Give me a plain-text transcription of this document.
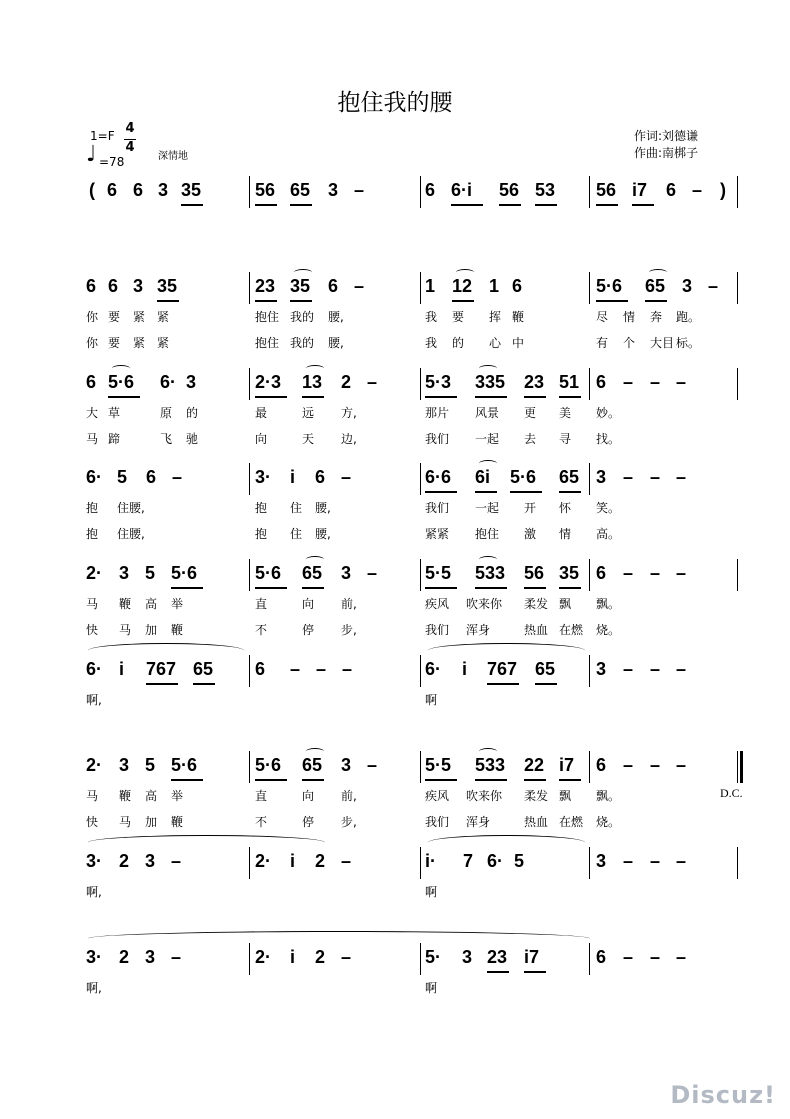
抱住我的腰
作词:刘德谦
作曲:南梆子
1=F 4
4
♩ =78	深情地
( 6 6 3 35	56 65 3 –	6 6·i 56 53 56 i7 6 – )
6 6 3 35	23 35 6 –	1 12 1 6	5·6 65 3 –
你 要 紧 紧	抱住 我的 腰,	我 要 挥 鞭	尽 情 奔 跑。
你 要 紧 紧	抱住 我的 腰,	我 的 心 中	有 个 大目 标。
6 5·6 6· 3	2·3 13 2 –	5·3 335 23 51 6 – – –
大 草	原 的	最	远 方,	那片 风景 更 美 妙。
马 蹄	飞 驰	向	天 边,	我们 一起 去 寻 找。
6· 5 6 –	3· i 6 –	6·6 6i 5·6 65 3 – – –
抱 住腰,	抱 住 腰,	我们 一起 开 怀 笑。
抱 住腰,	抱 住 腰,	紧紧 抱住 激 情 高。
2· 3 5 5·6	5·6 65 3 –	5·5 533 56 35 6 – – –
马 鞭 高 举	直	向 前,	疾风 吹来你 柔发 飘 飘。
快 马 加 鞭	不	停 步,	我们 浑身	热血 在燃 烧。
6· i 767 65 6 – – –	6· i 767 65 3 – – –
啊,	啊
2· 3 5 5·6	5·6 65 3 –	5·5 533 22 i7 6 – – –
马 鞭 高 举	直	向 前,	疾风 吹来你 柔发 飘 飘。
快 马 加 鞭	不	停 步,	我们 浑身	热血 在燃 烧。
D.C.
3· 2 3 –	2· i 2 –	i· 7 6· 5	3 – – –
啊,	啊
3· 2 3 –	2· i 2 –	5· 3 23 i7	6 – – –
啊,	啊
Discuz!
